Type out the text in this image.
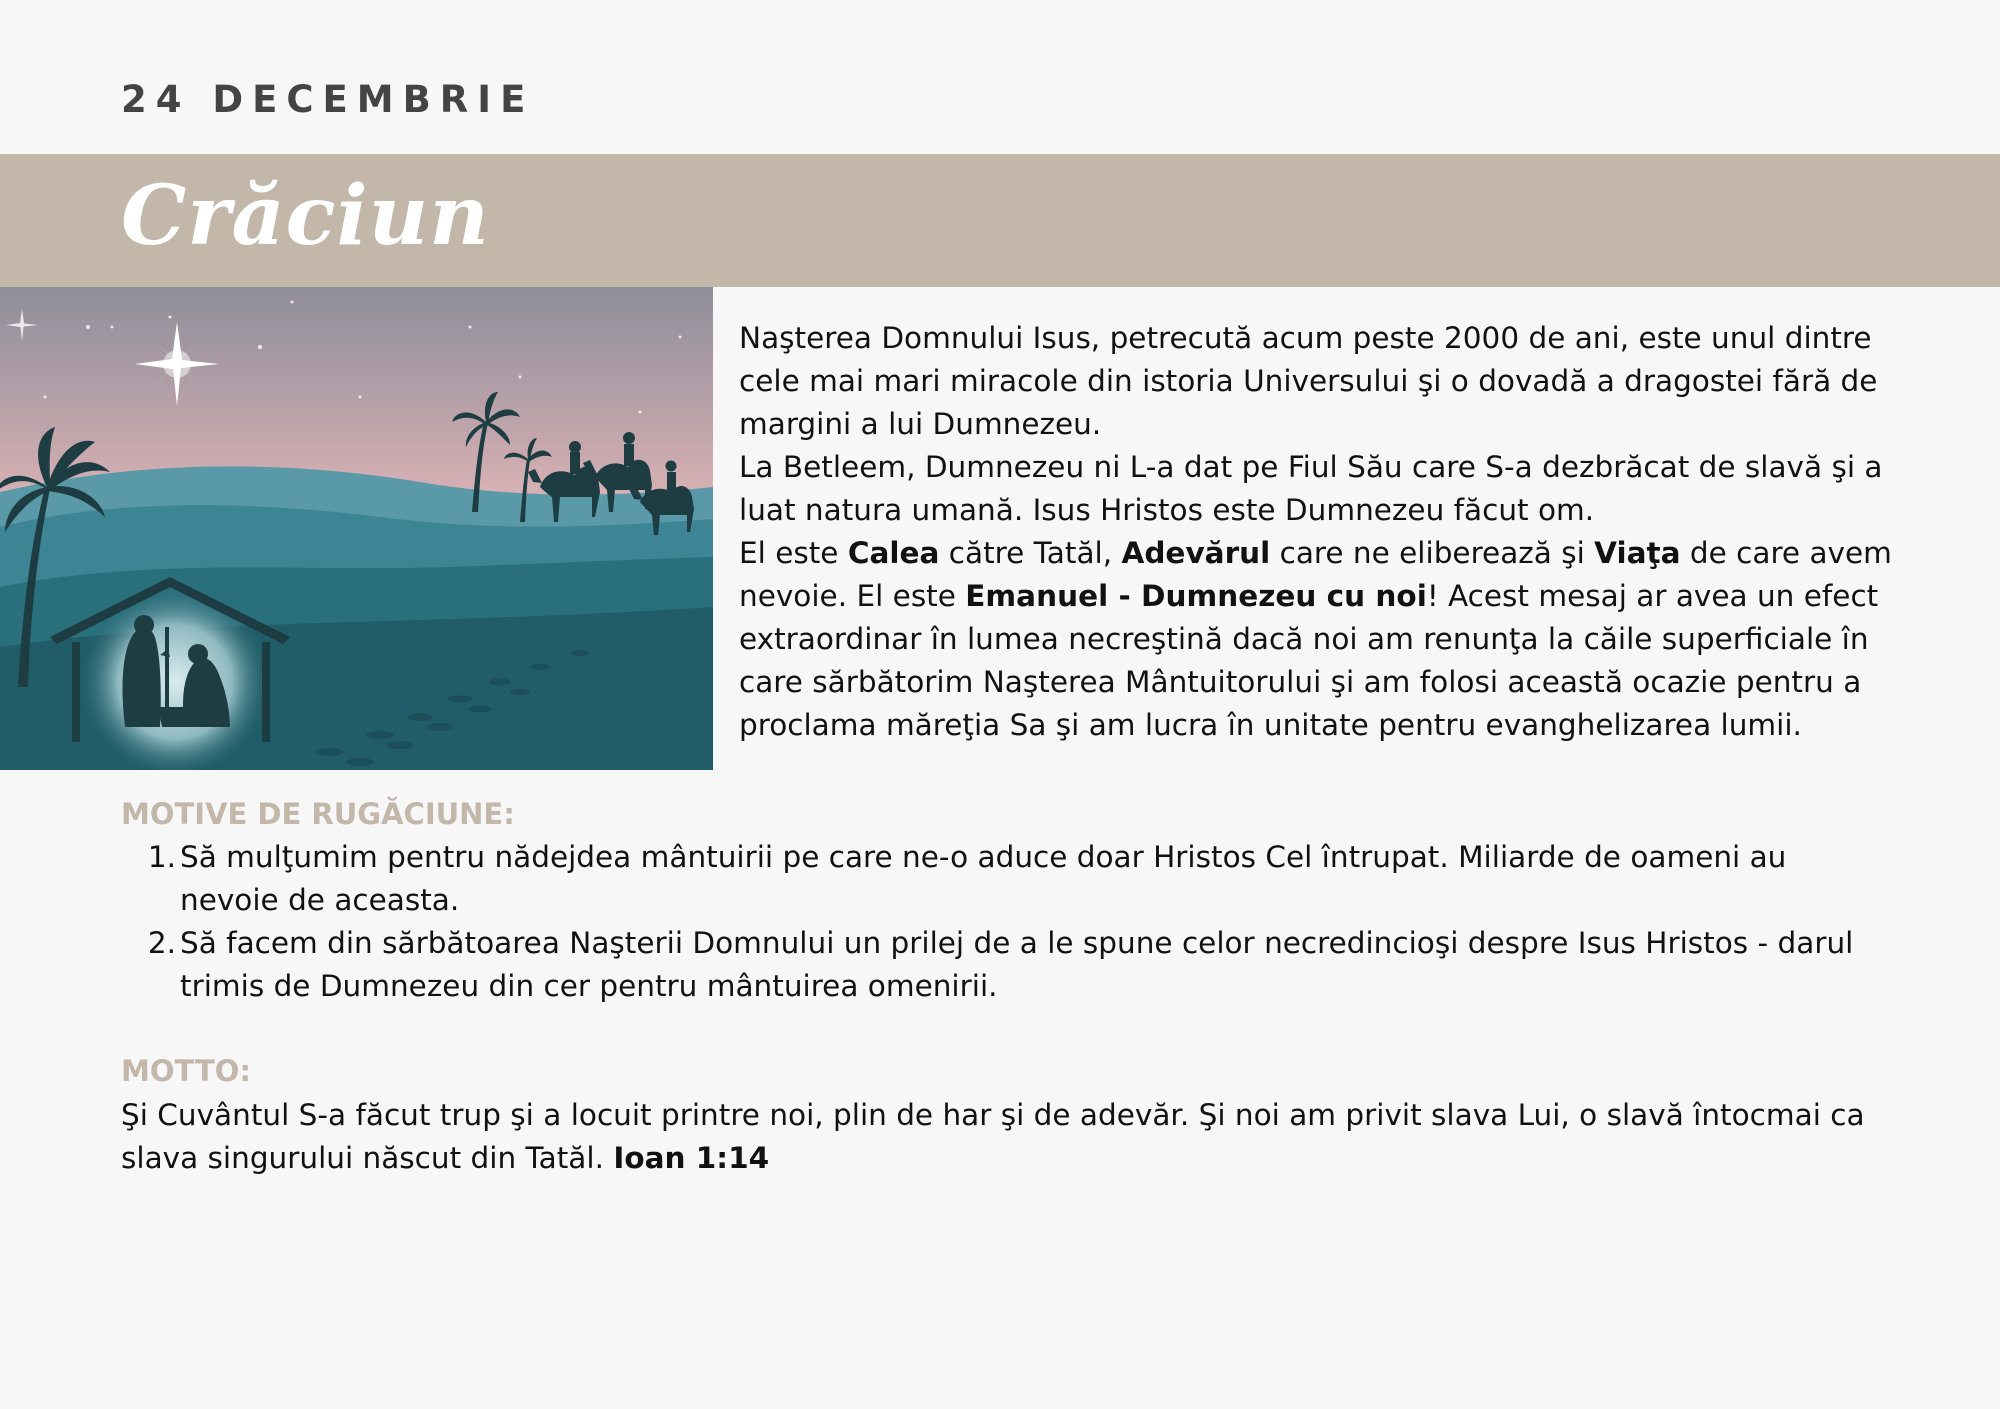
24 DECEMBRIE
Crăciun

Naşterea Domnului Isus, petrecută acum peste 2000 de ani, este unul dintre cele mai mari miracole din istoria Universului şi o dovadă a dragostei fără de margini a lui Dumnezeu.

La Betleem, Dumnezeu ni L-a dat pe Fiul Său care S-a dezbrăcat de slavă şi a luat natura umană. Isus Hristos este Dumnezeu făcut om.

El este Calea către Tatăl, Adevărul care ne eliberează şi Viaţa de care avem nevoie. El este Emanuel - Dumnezeu cu noi! Acest mesaj ar avea un efect extraordinar în lumea necreştină dacă noi am renunţa la căile superficiale în care sărbătorim Naşterea Mântuitorului şi am folosi această ocazie pentru a proclama măreţia Sa şi am lucra în unitate pentru evanghelizarea lumii.

MOTIVE DE RUGĂCIUNE:
1. Să mulţumim pentru nădejdea mântuirii pe care ne-o aduce doar Hristos Cel întrupat. Miliarde de oameni au nevoie de aceasta.
2. Să facem din sărbătoarea Naşterii Domnului un prilej de a le spune celor necredincioşi despre Isus Hristos - darul trimis de Dumnezeu din cer pentru mântuirea omenirii.
MOTTO:

Şi Cuvântul S-a făcut trup şi a locuit printre noi, plin de har şi de adevăr. Şi noi am privit slava Lui, o slavă întocmai ca slava singurului născut din Tatăl. Ioan 1:14
